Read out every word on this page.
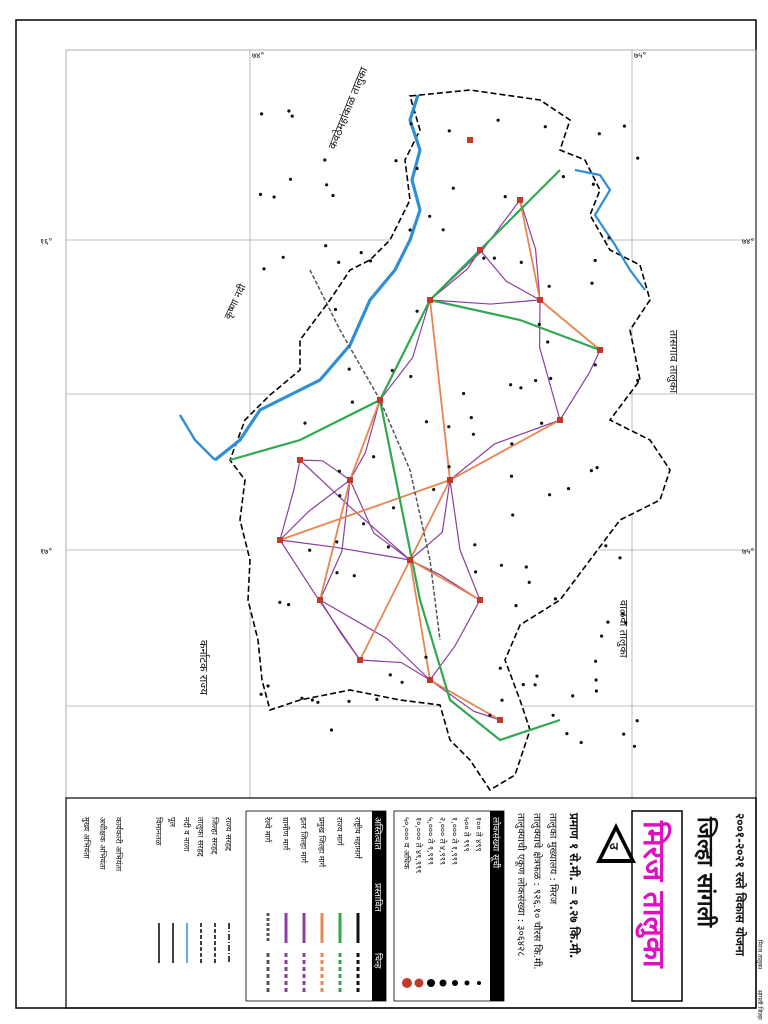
१६°
१७°
७४°
७५°
७४°	७५°
कवठेमहांकाळ तालुका
तासगाव तालुका
वाळवा तालुका
कर्नाटक राज्य
कृष्णा नदी
२००१-२०२१ रस्ते विकास योजना
जिल्हा सांगली
मिरज तालुका
उ
प्रमाण १ से.मी. = १.२७ कि.मी.
तालुका मुख्यालय : मिरज
तालुक्याचे क्षेत्रफळ : ९२६.१० चौरस कि.मी.
तालुक्याची एकूण लोकसंख्या : ३०६४२८
लोकसंख्या सूची
१०० ते ४९९
५०० ते ९९९
१,००० ते १,९९९
२,००० ते ४,९९९
५,००० ते ९,९९९
१०,००० ते ४९,९९९
५०,००० व अधिक
अस्तित्वात
प्रस्तावित
चिन्ह
राष्ट्रीय महामार्ग
राज्य मार्ग
प्रमुख जिल्हा मार्ग
इतर जिल्हा मार्ग
ग्रामीण मार्ग
रेल्वे मार्ग
राज्य सरहद्द
जिल्हा सरहद्द
तालुका सरहद्द
नदी व नाला
पूल
विमानतळ
कार्यकारी अभियंता
अधीक्षक अभियंता
मुख्य अभियंता
सांगली जिल्हा
मिरज तालुका
